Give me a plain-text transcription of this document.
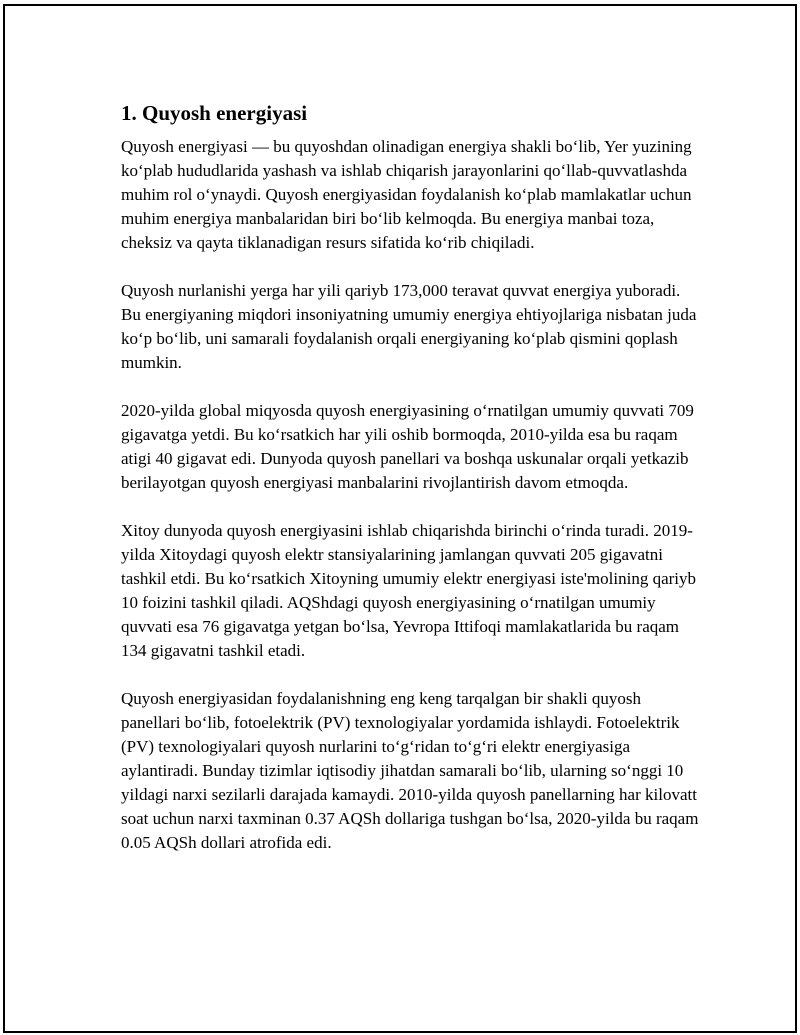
1. Quyosh energiyasi

Quyosh energiyasi — bu quyoshdan olinadigan energiya shakli bo‘lib, Yer yuzining ko‘plab hududlarida yashash va ishlab chiqarish jarayonlarini qo‘llab-quvvatlashda muhim rol o‘ynaydi. Quyosh energiyasidan foydalanish ko‘plab mamlakatlar uchun muhim energiya manbalaridan biri bo‘lib kelmoqda. Bu energiya manbai toza, cheksiz va qayta tiklanadigan resurs sifatida ko‘rib chiqiladi.

Quyosh nurlanishi yerga har yili qariyb 173,000 teravat quvvat energiya yuboradi. Bu energiyaning miqdori insoniyatning umumiy energiya ehtiyojlariga nisbatan juda ko‘p bo‘lib, uni samarali foydalanish orqali energiyaning ko‘plab qismini qoplash mumkin.

2020-yilda global miqyosda quyosh energiyasining o‘rnatilgan umumiy quvvati 709 gigavatga yetdi. Bu ko‘rsatkich har yili oshib bormoqda, 2010-yilda esa bu raqam atigi 40 gigavat edi. Dunyoda quyosh panellari va boshqa uskunalar orqali yetkazib berilayotgan quyosh energiyasi manbalarini rivojlantirish davom etmoqda.

Xitoy dunyoda quyosh energiyasini ishlab chiqarishda birinchi o‘rinda turadi. 2019-yilda Xitoydagi quyosh elektr stansiyalarining jamlangan quvvati 205 gigavatni tashkil etdi. Bu ko‘rsatkich Xitoyning umumiy elektr energiyasi iste'molining qariyb 10 foizini tashkil qiladi. AQShdagi quyosh energiyasining o‘rnatilgan umumiy quvvati esa 76 gigavatga yetgan bo‘lsa, Yevropa Ittifoqi mamlakatlarida bu raqam 134 gigavatni tashkil etadi.

Quyosh energiyasidan foydalanishning eng keng tarqalgan bir shakli quyosh panellari bo‘lib, fotoelektrik (PV) texnologiyalar yordamida ishlaydi. Fotoelektrik (PV) texnologiyalari quyosh nurlarini to‘g‘ridan to‘g‘ri elektr energiyasiga aylantiradi. Bunday tizimlar iqtisodiy jihatdan samarali bo‘lib, ularning so‘nggi 10 yildagi narxi sezilarli darajada kamaydi. 2010-yilda quyosh panellarning har kilovatt soat uchun narxi taxminan 0.37 AQSh dollariga tushgan bo‘lsa, 2020-yilda bu raqam 0.05 AQSh dollari atrofida edi.
